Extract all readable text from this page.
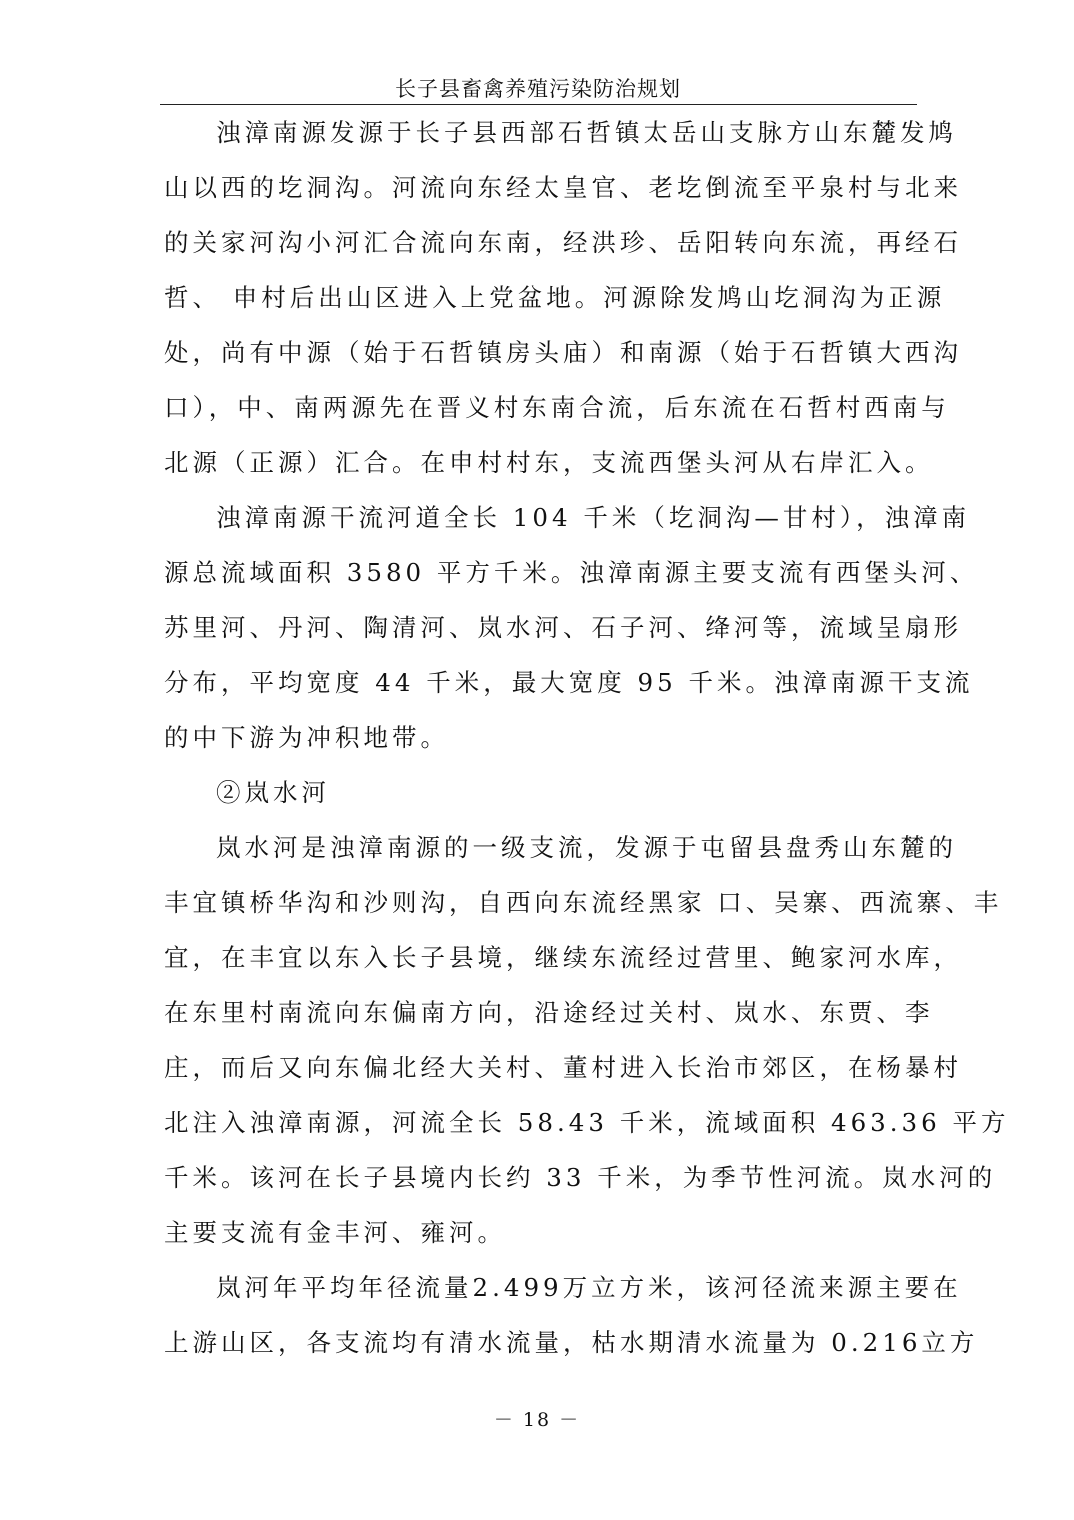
长子县畜禽养殖污染防治规划
浊漳南源发源于长子县西部石哲镇太岳山支脉方山东麓发鸠
山以西的圪洞沟。河流向东经太皇官、老圪倒流至平泉村与北来
的关家河沟小河汇合流向东南，经洪珍、岳阳转向东流，再经石
哲、 申村后出山区进入上党盆地。河源除发鸠山圪洞沟为正源
处，尚有中源（始于石哲镇房头庙）和南源（始于石哲镇大西沟
口），中、南两源先在晋义村东南合流，后东流在石哲村西南与
北源（正源）汇合。在申村村东，支流西堡头河从右岸汇入。
浊漳南源干流河道全长 104 千米（圪洞沟—甘村），浊漳南
源总流域面积 3580 平方千米。浊漳南源主要支流有西堡头河、
苏里河、丹河、陶清河、岚水河、石子河、绛河等，流域呈扇形
分布，平均宽度 44 千米，最大宽度 95 千米。浊漳南源干支流
的中下游为冲积地带。
②岚水河
岚水河是浊漳南源的一级支流，发源于屯留县盘秀山东麓的
丰宜镇桥华沟和沙则沟，自西向东流经黑家 口、吴寨、西流寨、丰
宜，在丰宜以东入长子县境，继续东流经过营里、鲍家河水库，
在东里村南流向东偏南方向，沿途经过关村、岚水、东贾、李
庄，而后又向东偏北经大关村、董村进入长治市郊区，在杨暴村
北注入浊漳南源，河流全长 58.43 千米，流域面积 463.36 平方
千米。该河在长子县境内长约 33 千米，为季节性河流。岚水河的
主要支流有金丰河、雍河。
岚河年平均年径流量2.499万立方米，该河径流来源主要在
上游山区，各支流均有清水流量，枯水期清水流量为 0.216立方
－ 18 －
